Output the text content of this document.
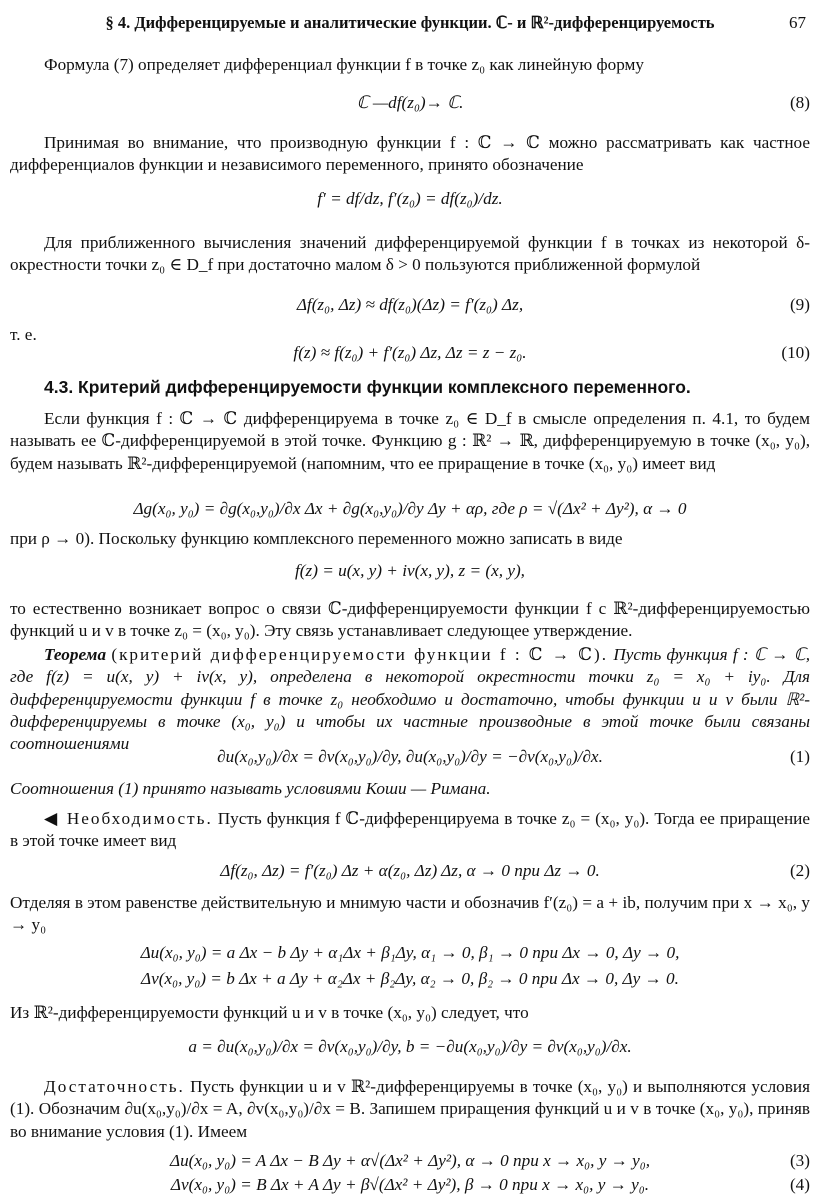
§ 4. Дифференцируемые и аналитические функции. ℂ- и ℝ²-дифференцируемость	67
Формула (7) определяет дифференциал функции f в точке z₀ как линейную форму
ℂ —df(z₀)→ ℂ.	(8)
Принимая во внимание, что производную функции f : ℂ → ℂ можно рассматривать как частное дифференциалов функции и независимого переменного, принято обозначение
f′ = df/dz, f′(z₀) = df(z₀)/dz.
Для приближенного вычисления значений дифференцируемой функции f в точках из некоторой δ-окрестности точки z₀ ∈ D_f при достаточно малом δ > 0 пользуются приближенной формулой
Δf(z₀, Δz) ≈ df(z₀)(Δz) = f′(z₀) Δz,	(9)
т. е.
f(z) ≈ f(z₀) + f′(z₀) Δz, Δz = z − z₀.	(10)
4.3. Критерий дифференцируемости функции комплексного переменного.
Если функция f : ℂ → ℂ дифференцируема в точке z₀ ∈ D_f в смысле определения п. 4.1, то будем называть ее ℂ-дифференцируемой в этой точке. Функцию g : ℝ² → ℝ, дифференцируемую в точке (x₀, y₀), будем называть ℝ²-дифференцируемой (напомним, что ее приращение в точке (x₀, y₀) имеет вид
Δg(x₀, y₀) = ∂g(x₀,y₀)/∂x Δx + ∂g(x₀,y₀)/∂y Δy + αρ, где ρ = √(Δx² + Δy²), α → 0
при ρ → 0). Поскольку функцию комплексного переменного можно записать в виде
f(z) = u(x, y) + iv(x, y), z = (x, y),
то естественно возникает вопрос о связи ℂ-дифференцируемости функции f с ℝ²-дифференцируемостью функций u и v в точке z₀ = (x₀, y₀). Эту связь устанавливает следующее утверждение.
Теорема (критерий дифференцируемости функции f : ℂ → ℂ). Пусть функция f : ℂ → ℂ, где f(z) = u(x, y) + iv(x, y), определена в некоторой окрестности точки z₀ = x₀ + iy₀. Для дифференцируемости функции f в точке z₀ необходимо и достаточно, чтобы функции u и v были ℝ²-дифференцируемы в точке (x₀, y₀) и чтобы их частные производные в этой точке были связаны соотношениями
∂u(x₀,y₀)/∂x = ∂v(x₀,y₀)/∂y, ∂u(x₀,y₀)/∂y = −∂v(x₀,y₀)/∂x.	(1)
Соотношения (1) принято называть условиями Коши — Римана.
◀ Необходимость. Пусть функция f ℂ-дифференцируема в точке z₀ = (x₀, y₀). Тогда ее приращение в этой точке имеет вид
Δf(z₀, Δz) = f′(z₀) Δz + α(z₀, Δz) Δz, α → 0 при Δz → 0.	(2)
Отделяя в этом равенстве действительную и мнимую части и обозначив f′(z₀) = a + ib, получим при x → x₀, y → y₀
Δu(x₀, y₀) = a Δx − b Δy + α₁Δx + β₁Δy, α₁ → 0, β₁ → 0 при Δx → 0, Δy → 0,
Δv(x₀, y₀) = b Δx + a Δy + α₂Δx + β₂Δy, α₂ → 0, β₂ → 0 при Δx → 0, Δy → 0.
Из ℝ²-дифференцируемости функций u и v в точке (x₀, y₀) следует, что
a = ∂u(x₀,y₀)/∂x = ∂v(x₀,y₀)/∂y, b = −∂u(x₀,y₀)/∂y = ∂v(x₀,y₀)/∂x.
Достаточность. Пусть функции u и v ℝ²-дифференцируемы в точке (x₀, y₀) и выполняются условия (1). Обозначим ∂u(x₀,y₀)/∂x = A, ∂v(x₀,y₀)/∂x = B. Запишем приращения функций u и v в точке (x₀, y₀), приняв во внимание условия (1). Имеем
Δu(x₀, y₀) = A Δx − B Δy + α√(Δx² + Δy²), α → 0 при x → x₀, y → y₀,	(3)
Δv(x₀, y₀) = B Δx + A Δy + β√(Δx² + Δy²), β → 0 при x → x₀, y → y₀.	(4)
